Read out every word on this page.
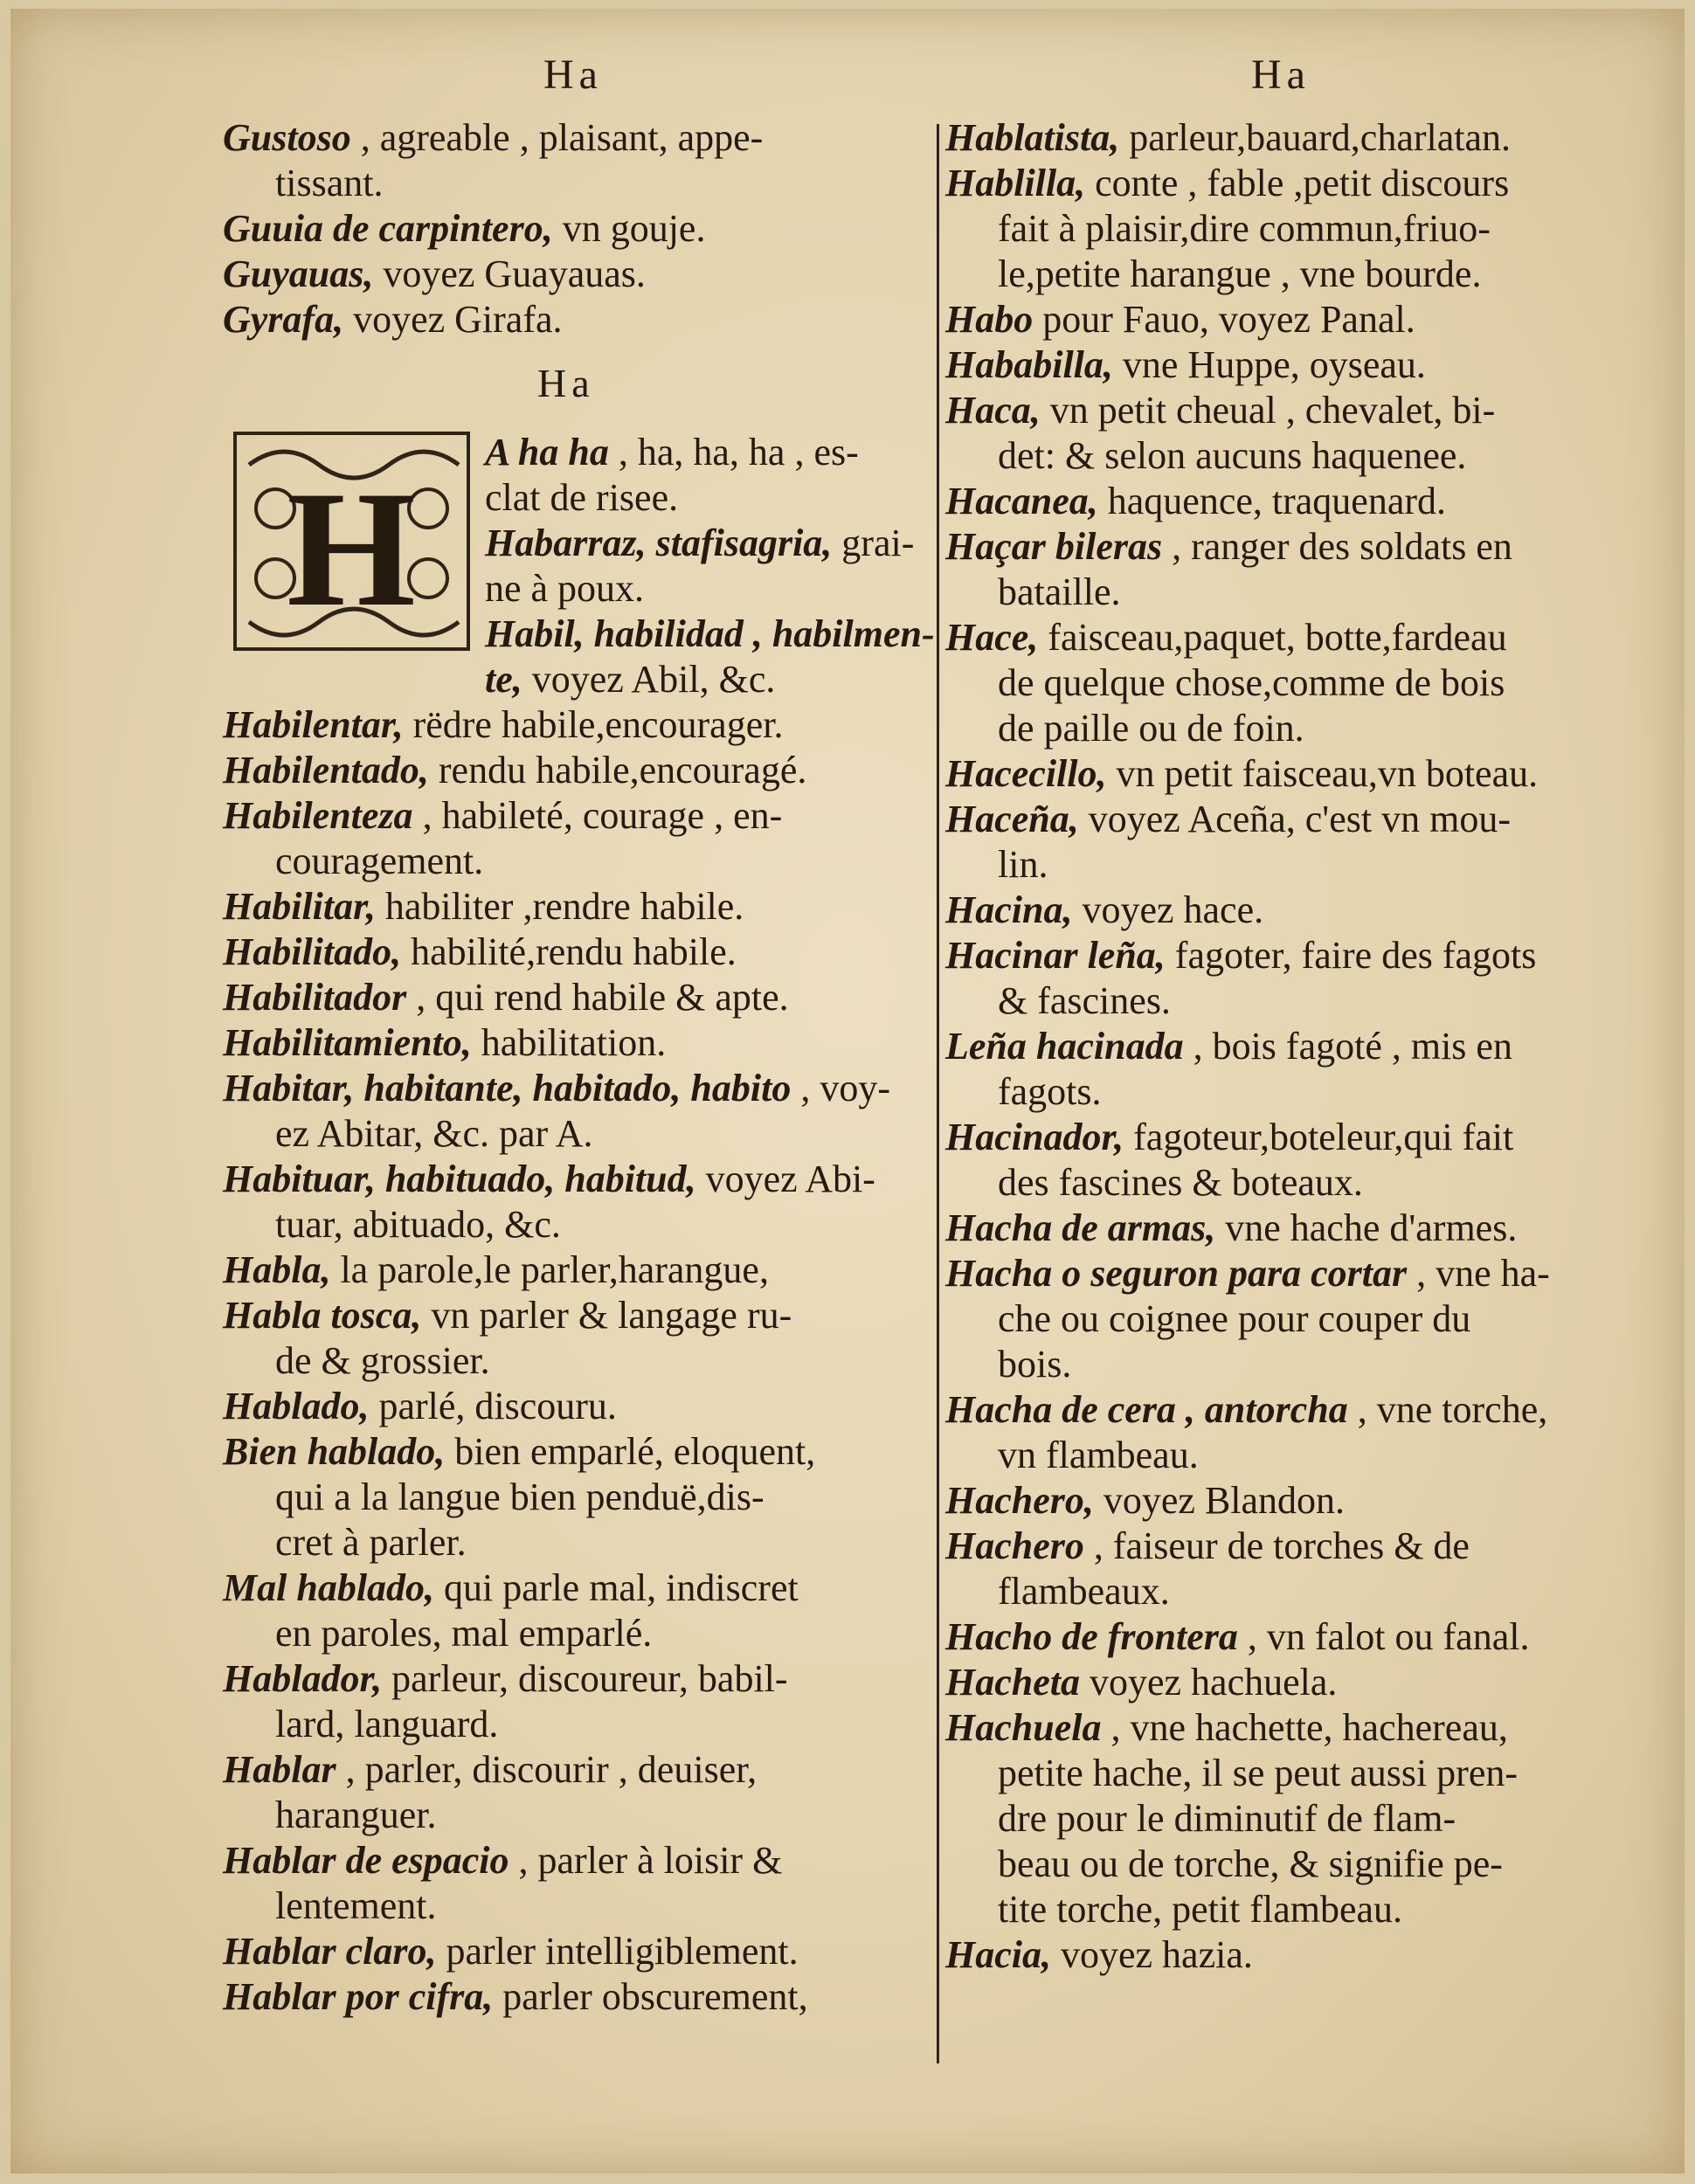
Ha	Ha
Gustoso , agreable , plaisant, appe-
tissant.
Guuia de carpintero, vn gouje.
Guyauas, voyez Guayauas.
Gyrafa, voyez Girafa.
Ha
H
A ha ha , ha, ha, ha , es-
clat de risee.
Habarraz, stafisagria, grai-
ne à poux.
Habil, habilidad , habilmen-
te, voyez Abil, &c.
Habilentar, rëdre habile,encourager.
Habilentado, rendu habile,encouragé.
Habilenteza , habileté, courage , en-
couragement.
Habilitar, habiliter ,rendre habile.
Habilitado, habilité,rendu habile.
Habilitador , qui rend habile & apte.
Habilitamiento, habilitation.
Habitar, habitante, habitado, habito , voy-
ez Abitar, &c. par A.
Habituar, habituado, habitud, voyez Abi-
tuar, abituado, &c.
Habla, la parole,le parler,harangue,
Habla tosca, vn parler & langage ru-
de & grossier.
Hablado, parlé, discouru.
Bien hablado, bien emparlé, eloquent,
qui a la langue bien penduë,dis-
cret à parler.
Mal hablado, qui parle mal, indiscret
en paroles, mal emparlé.
Hablador, parleur, discoureur, babil-
lard, languard.
Hablar , parler, discourir , deuiser,
haranguer.
Hablar de espacio , parler à loisir &
lentement.
Hablar claro, parler intelligiblement.
Hablar por cifra, parler obscurement,
Hablatista, parleur,bauard,charlatan.
Hablilla, conte , fable ,petit discours
fait à plaisir,dire commun,friuo-
le,petite harangue , vne bourde.
Habo pour Fauo, voyez Panal.
Hababilla, vne Huppe, oyseau.
Haca, vn petit cheual , chevalet, bi-
det: & selon aucuns haquenee.
Hacanea, haquence, traquenard.
Haçar bileras , ranger des soldats en
bataille.
Hace, faisceau,paquet, botte,fardeau
de quelque chose,comme de bois
de paille ou de foin.
Hacecillo, vn petit faisceau,vn boteau.
Haceña, voyez Aceña, c'est vn mou-
lin.
Hacina, voyez hace.
Hacinar leña, fagoter, faire des fagots
& fascines.
Leña hacinada , bois fagoté , mis en
fagots.
Hacinador, fagoteur,boteleur,qui fait
des fascines & boteaux.
Hacha de armas, vne hache d'armes.
Hacha o seguron para cortar , vne ha-
che ou coignee pour couper du
bois.
Hacha de cera , antorcha , vne torche,
vn flambeau.
Hachero, voyez Blandon.
Hachero , faiseur de torches & de
flambeaux.
Hacho de frontera , vn falot ou fanal.
Hacheta voyez hachuela.
Hachuela , vne hachette, hachereau,
petite hache, il se peut aussi pren-
dre pour le diminutif de flam-
beau ou de torche, & signifie pe-
tite torche, petit flambeau.
Hacia, voyez hazia.
